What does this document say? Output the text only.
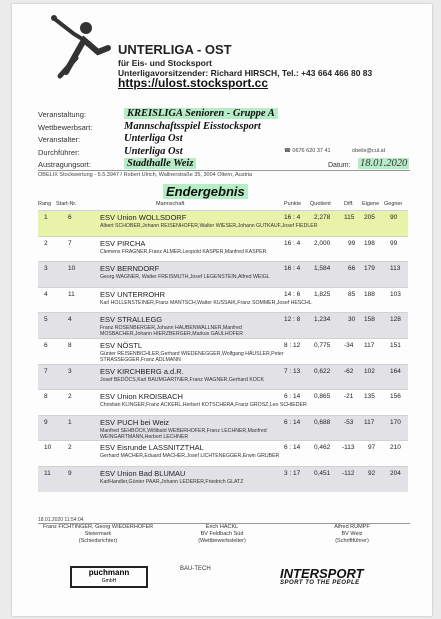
UNTERLIGA - OST
für Eis- und Stocksport
Unterligavorsitzender: Richard HIRSCH, Tel.: +43 664 466 80 83
https://ulost.stocksport.cc
Veranstaltung:	KREISLIGA Senioren - Gruppe A
Wettbewerbsart:	Mannschaftsspiel Eisstocksport
Veranstalter:	Unterliga Ost
Durchführer:	Unterliga Ost	☎ 0676 620 37 41	obelix@cul.at
Austragungsort:	Stadthalle Weiz	Datum: 18.01.2020
OBELIX Stockwertung - 5.5.3947 / Robert Ulrich, Wallnerstraße 35, 3004 Oltern, Austria
Endergebnis
Rang Start-Nr.	Mannschaft	Punkte Quotient Diff. Eigene Gegner
1	6	ESV Union WOLLSDORF
Albert SCHOBER,Johann REISENHOFER,Walter WIESER,Johann GUTKAUF,Josef FIEDLER
16 : 4 2,278 115 205 90
2	7	ESV PIRCHA
Clemens FRAGNER,Franz ALMER,Leopold KASPER,Manfred KASPER
16 : 4 2,000	99 198 99
3	10	ESV BERNDORF
Georg WAGNER, Walter FREISMUTH,Josef LEGENSTEIN,Alfred WEIGL
16 : 4 1,584	66 179 113
4	11	ESV UNTERROHR
Karl HOLLENSTEINER,Franz MANTSCH,Walter KUSSAIK,Franz SOMMER,Josef HESCHL
14 : 6 1,825	85 188 103
5	4	ESV STRALLEGG
Franz ROSENBERGER,Johann HAUBENWALLNER,Manfred MOSBACHER,Johann HIERZBERGER,Markus GAULHOFER
12 : 8 1,234	30 158 128
6	8	ESV NÖSTL
Günter REISENBICHLER,Gerhard WIEDENEGGER,Wolfgang HÄUSLER,Peter STRASSEGGER,Franz ADLMANN
8 : 12 0,775 -34 117 151
7	3	ESV KIRCHBERG a.d.R.
Josef BEDÖCS,Karl BAUMGARTNER,Franz WAGNER,Gerhard KOCK
7 : 13 0,622 -62 102 164
8	2	ESV Union KROISBACH
Christian KLINGER,Franz ACKERL,Herbert KOTSCHERA,Franz GROSZ,Leo SCHIEDER
6 : 14 0,865 -21 135 156
9	1	ESV PUCH bei Weiz
Manfred SEHBÖCK,Willibald WEBERHOFER,Franz LECHNER,Manfred WEINGARTMANN,Herbert LECHNER
6 : 14 0,688 -53 117 170
10	2	ESV Eisrunde LASSNITZTHAL
Gerhard MACHER,Eduard MACHER,Josef LICHTENEGGER,Erwin GRUBER
6 : 14 0,462 -113 97 210
11	9	ESV Union Bad BLUMAU
KarlHandler,Günter PAAR,Johann LEDERER,Friedrich GLATZ
3 : 17 0,451 -112 92 204
18.01.2020 11:54:04
Franz FICHTINGER, Georg WIEDERHOFER
Steiermark
(Schiedsrichter)
Erich HACKL
BV Feldbach Süd
(Wettbewerbsleiter)
Alfred RUMPF
BV Weiz
(Schriftführer)
puchmann
GmbH
BAU-TECH	INTERSPORT
SPORT TO THE PEOPLE
